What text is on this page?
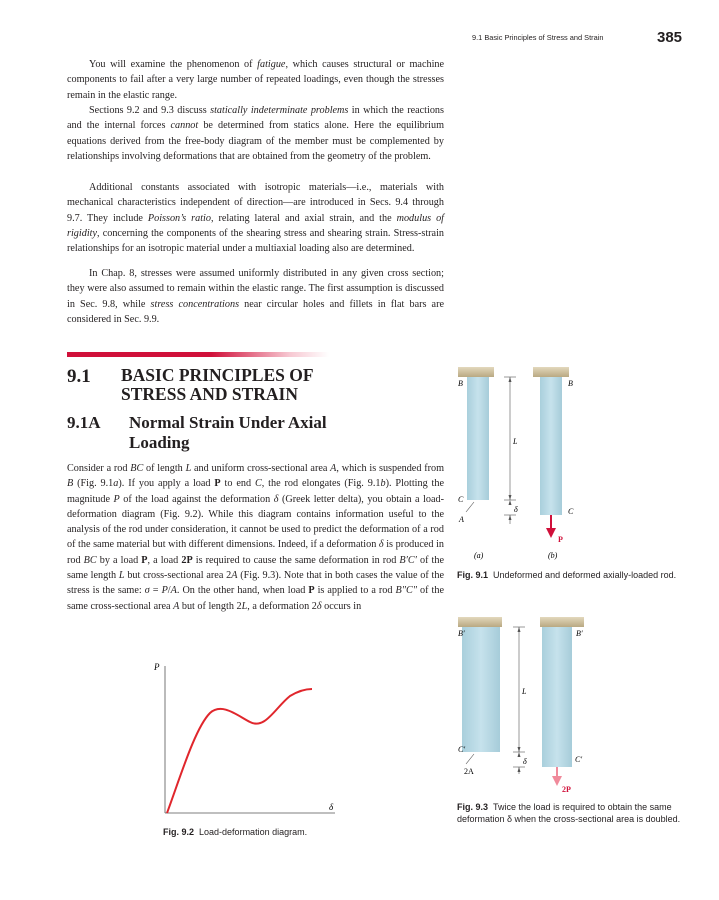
9.1 Basic Principles of Stress and Strain	385

You will examine the phenomenon of fatigue, which causes structural or machine components to fail after a very large number of repeated loadings, even though the stresses remain in the elastic range.

Sections 9.2 and 9.3 discuss statically indeterminate problems in which the reactions and the internal forces cannot be determined from statics alone. Here the equilibrium equations derived from the free-body diagram of the member must be complemented by relationships involving deformations that are obtained from the geometry of the problem.

Additional constants associated with isotropic materials—i.e., materials with mechanical characteristics independent of direction—are introduced in Secs. 9.4 through 9.7. They include Poisson’s ratio, relating lateral and axial strain, and the modulus of rigidity, concerning the components of the shearing stress and shearing strain. Stress-strain relationships for an isotropic material under a multiaxial loading also are determined.

In Chap. 8, stresses were assumed uniformly distributed in any given cross section; they were also assumed to remain within the elastic range. The first assumption is discussed in Sec. 9.8, while stress concentrations near circular holes and fillets in flat bars are considered in Sec. 9.9.

9.1 BASIC PRINCIPLES OF STRESS AND STRAIN
9.1A Normal Strain Under Axial Loading

Consider a rod BC of length L and uniform cross-sectional area A, which is suspended from B (Fig. 9.1a). If you apply a load P to end C, the rod elongates (Fig. 9.1b). Plotting the magnitude P of the load against the deformation δ (Greek letter delta), you obtain a load-deformation diagram (Fig. 9.2). While this diagram contains information useful to the analysis of the rod under consideration, it cannot be used to predict the deformation of a rod of the same material but with different dimensions. Indeed, if a deformation δ is produced in rod BC by a load P, a load 2P is required to cause the same deformation in rod B′C′ of the same length L but cross-sectional area 2A (Fig. 9.3). Note that in both cases the value of the stress is the same: σ = P/A. On the other hand, when load P is applied to a rod B″C″ of the same cross-sectional area A but of length 2L, a deformation 2δ occurs in

B	B
L
C
C
A
δ
P
(a)	(b)
Fig. 9.1 Undeformed and deformed axially-loaded rod.
B′	B′
L
C′
C′
2A
δ
2P
Fig. 9.3 Twice the load is required to obtain the same deformation δ when the cross-sectional area is doubled.
P
δ
Fig. 9.2 Load-deformation diagram.
